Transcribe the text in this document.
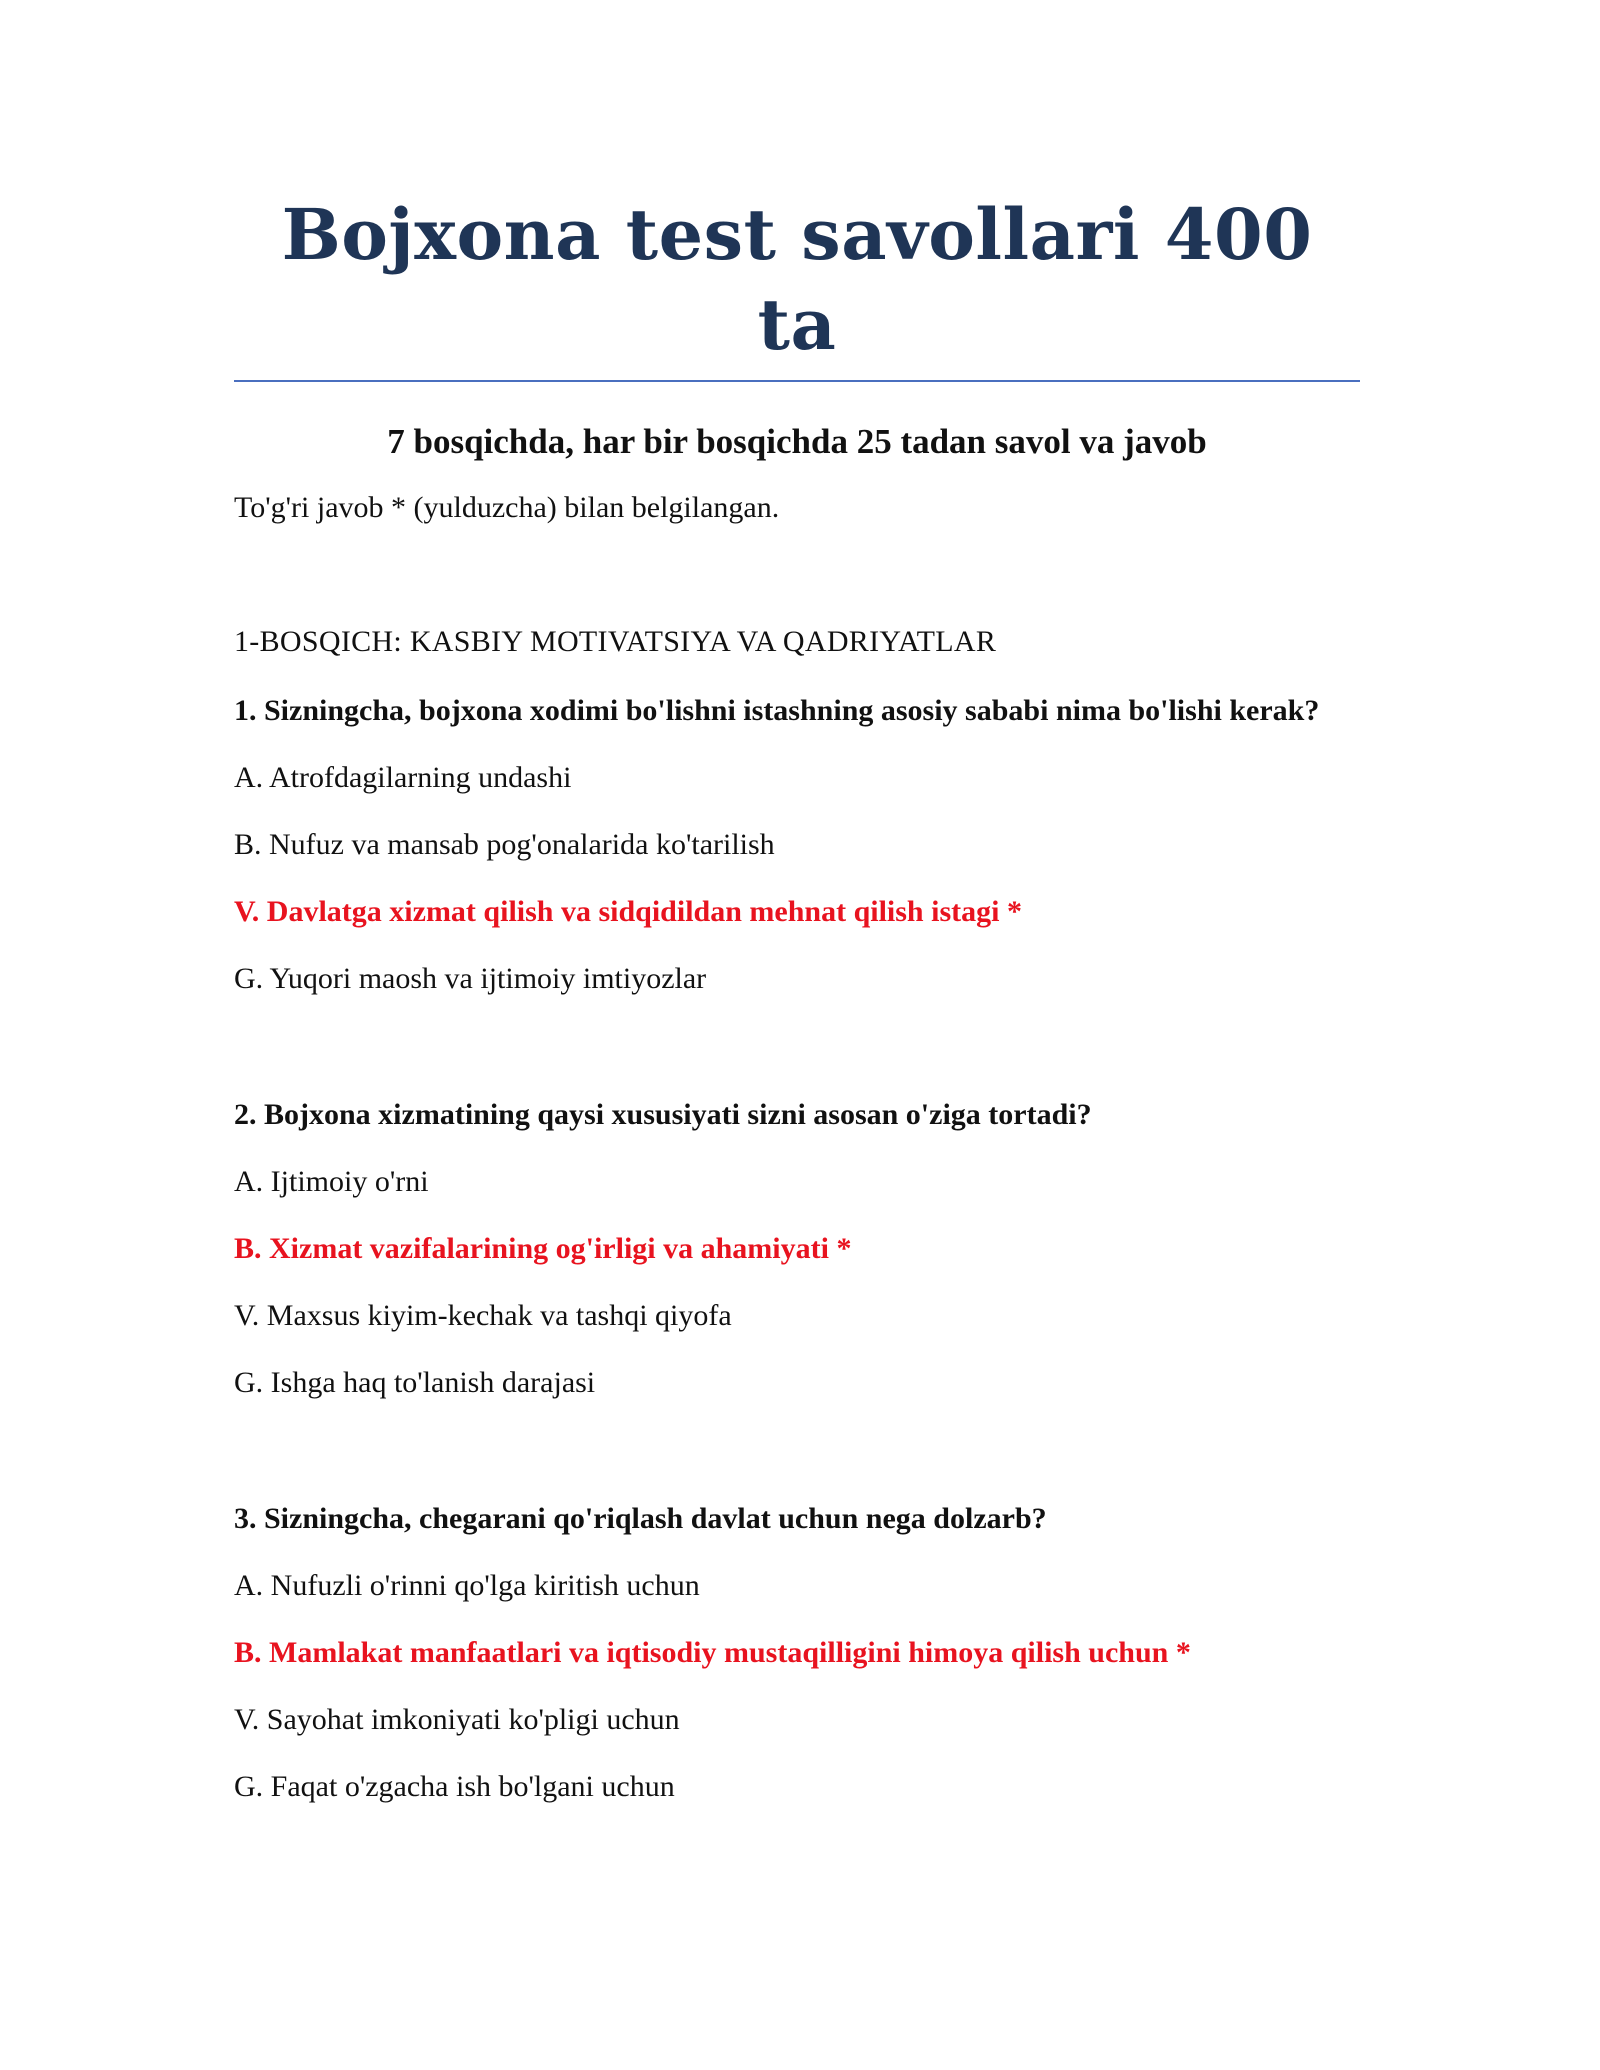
Bojxona test savollari 400 ta

7 bosqichda, har bir bosqichda 25 tadan savol va javob

To'g'ri javob * (yulduzcha) bilan belgilangan.

1-BOSQICH: KASBIY MOTIVATSIYA VA QADRIYATLAR

1. Sizningcha, bojxona xodimi bo'lishni istashning asosiy sababi nima bo'lishi kerak?

A. Atrofdagilarning undashi

B. Nufuz va mansab pog'onalarida ko'tarilish

V. Davlatga xizmat qilish va sidqidildan mehnat qilish istagi *

G. Yuqori maosh va ijtimoiy imtiyozlar

2. Bojxona xizmatining qaysi xususiyati sizni asosan o'ziga tortadi?

A. Ijtimoiy o'rni

B. Xizmat vazifalarining og'irligi va ahamiyati *

V. Maxsus kiyim-kechak va tashqi qiyofa

G. Ishga haq to'lanish darajasi

3. Sizningcha, chegarani qo'riqlash davlat uchun nega dolzarb?

A. Nufuzli o'rinni qo'lga kiritish uchun

B. Mamlakat manfaatlari va iqtisodiy mustaqilligini himoya qilish uchun *

V. Sayohat imkoniyati ko'pligi uchun

G. Faqat o'zgacha ish bo'lgani uchun
